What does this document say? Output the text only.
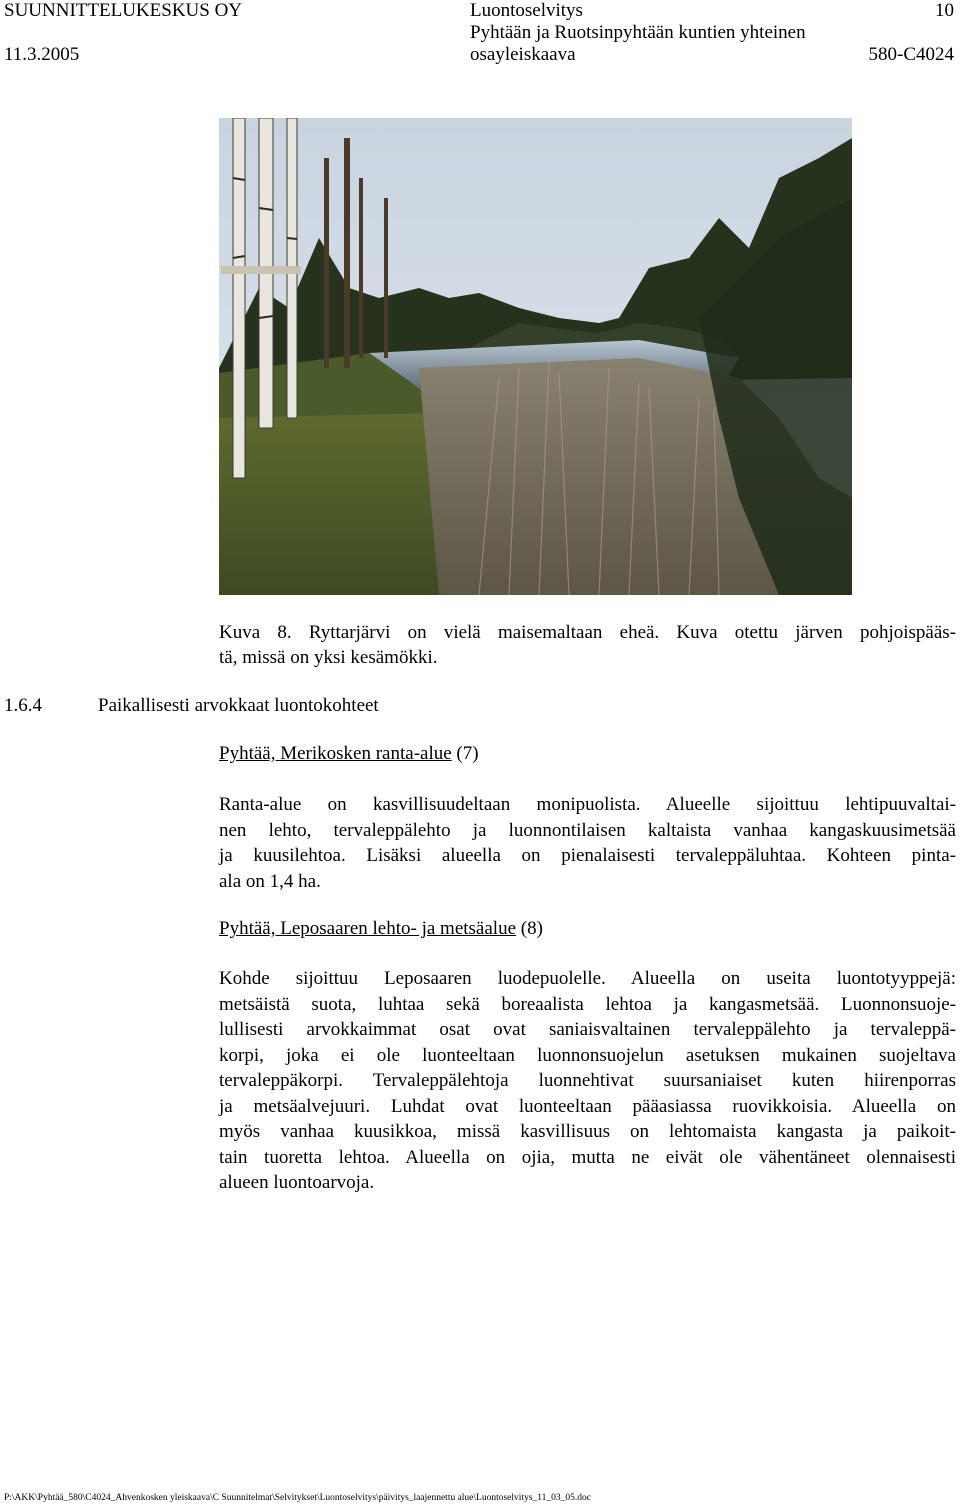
SUUNNITTELUKESKUS OY
11.3.2005
Luontoselvitys
Pyhtään ja Ruotsinpyhtään kuntien yhteinen
osayleiskaava
10
580-C4024
Kuva 8. Ryttarjärvi on vielä maisemaltaan eheä. Kuva otettu järven pohjoispääs-
tä, missä on yksi kesämökki.
1.6.4	Paikallisesti arvokkaat luontokohteet
Pyhtää, Merikosken ranta-alue (7)
Ranta-alue on kasvillisuudeltaan monipuolista. Alueelle sijoittuu lehtipuuvaltai-
nen lehto, tervaleppälehto ja luonnontilaisen kaltaista vanhaa kangaskuusimetsää
ja kuusilehtoa. Lisäksi alueella on pienalaisesti tervaleppäluhtaa. Kohteen pinta-
ala on 1,4 ha.
Pyhtää, Leposaaren lehto- ja metsäalue (8)
Kohde sijoittuu Leposaaren luodepuolelle. Alueella on useita luontotyyppejä:
metsäistä suota, luhtaa sekä boreaalista lehtoa ja kangasmetsää. Luonnonsuoje-
lullisesti arvokkaimmat osat ovat saniaisvaltainen tervaleppälehto ja tervaleppä-
korpi, joka ei ole luonteeltaan luonnonsuojelun asetuksen mukainen suojeltava
tervaleppäkorpi. Tervaleppälehtoja luonnehtivat suursaniaiset kuten hiirenporras
ja metsäalvejuuri. Luhdat ovat luonteeltaan pääasiassa ruovikkoisia. Alueella on
myös vanhaa kuusikkoa, missä kasvillisuus on lehtomaista kangasta ja paikoit-
tain tuoretta lehtoa. Alueella on ojia, mutta ne eivät ole vähentäneet olennaisesti
alueen luontoarvoja.
P:\AKK\Pyhtää_580\C4024_Ahvenkosken yleiskaava\C Suunnitelmat\Selvitykset\Luontoselvitys\päivitys_laajennettu alue\Luontoselvitys_11_03_05.doc
